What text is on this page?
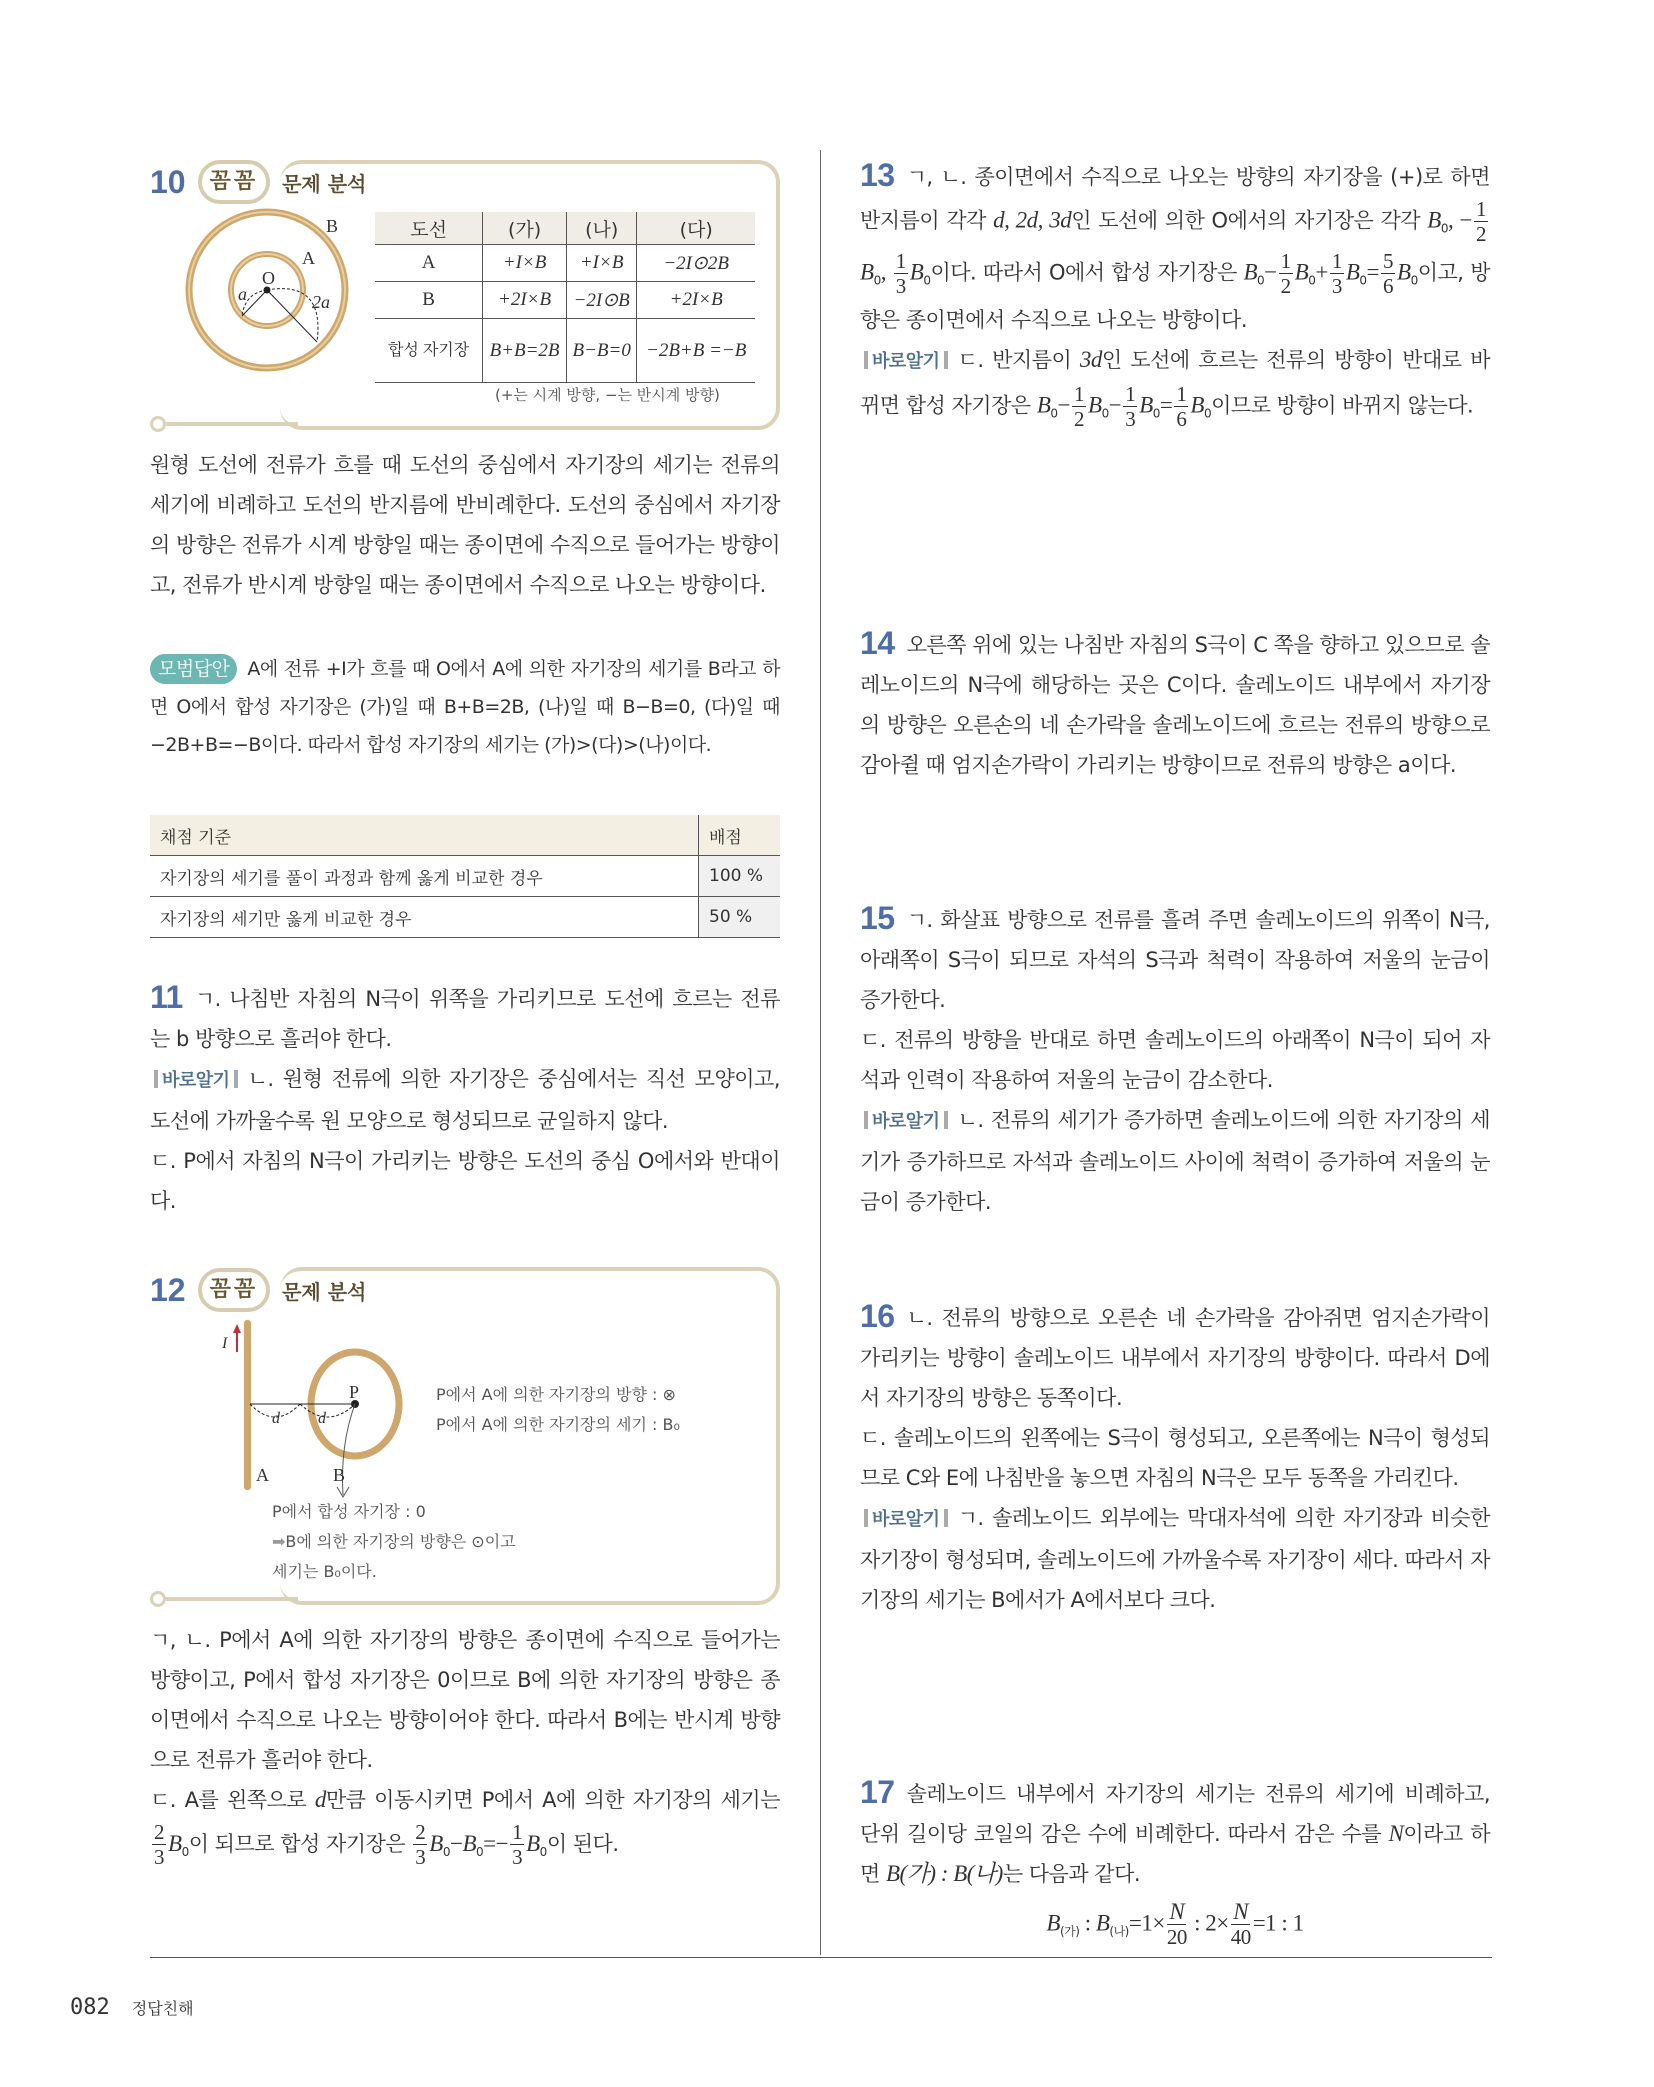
10	꼼꼼	문제 분석
B
A
O
a	2a
도선	(가)	(나)	(다)
A	+I×B	+I×B	−2I⊙2B
B	+2I×B	−2I⊙B	+2I×B
합성 자기장	B+B=2B	B−B=0	−2B+B =−B
(+는 시계 방향, −는 반시계 방향)
원형 도선에 전류가 흐를 때 도선의 중심에서 자기장의 세기는 전류의 세기에 비례하고 도선의 반지름에 반비례한다. 도선의 중심에서 자기장의 방향은 전류가 시계 방향일 때는 종이면에 수직으로 들어가는 방향이고, 전류가 반시계 방향일 때는 종이면에서 수직으로 나오는 방향이다.
모범답안 A에 전류 +I가 흐를 때 O에서 A에 의한 자기장의 세기를 B라고 하면 O에서 합성 자기장은 (가)일 때 B+B=2B, (나)일 때 B−B=0, (다)일 때 −2B+B=−B이다. 따라서 합성 자기장의 세기는 (가)>(다)>(나)이다.
채점 기준	배점
자기장의 세기를 풀이 과정과 함께 옳게 비교한 경우	100 %
자기장의 세기만 옳게 비교한 경우	50 %
11 ㄱ. 나침반 자침의 N극이 위쪽을 가리키므로 도선에 흐르는 전류는 b 방향으로 흘러야 한다.
바로알기 ㄴ. 원형 전류에 의한 자기장은 중심에서는 직선 모양이고, 도선에 가까울수록 원 모양으로 형성되므로 균일하지 않다.
ㄷ. P에서 자침의 N극이 가리키는 방향은 도선의 중심 O에서와 반대이다.
12	꼼꼼	문제 분석
I
P
d d
A	B
P에서 A에 의한 자기장의 방향 : ⊗
P에서 A에 의한 자기장의 세기 : B₀
P에서 합성 자기장 : 0
➡B에 의한 자기장의 방향은 ⊙이고
세기는 B₀이다.
ㄱ, ㄴ. P에서 A에 의한 자기장의 방향은 종이면에 수직으로 들어가는 방향이고, P에서 합성 자기장은 0이므로 B에 의한 자기장의 방향은 종이면에서 수직으로 나오는 방향이어야 한다. 따라서 B에는 반시계 방향으로 전류가 흘러야 한다.
ㄷ. A를 왼쪽으로 d만큼 이동시키면 P에서 A에 의한 자기장의 세기는
$\frac{2}{3} B_0$이 되므로 합성 자기장은 $\frac{2}{3} B_0-B_0=- \frac{1}{3} B_0$이 된다.
13 ㄱ, ㄴ. 종이면에서 수직으로 나오는 방향의 자기장을 (+)로 하면 반지름이 각각 d, 2d, 3d인 도선에 의한 O에서의 자기장은 각각 $B_0$, − $\frac{1}{2}$
$B_0$, $\frac{1}{3} B_0$이다. 따라서 O에서 합성 자기장은 $B_0- \frac{1}{2} B_0+ \frac{1}{3} B_0= \frac{5}{6} B_0$이고, 방향은 종이면에서 수직으로 나오는 방향이다.
바로알기 ㄷ. 반지름이 3d인 도선에 흐르는 전류의 방향이 반대로 바뀌면 합성 자기장은 $B_0- \frac{1}{2} B_0- \frac{1}{3} B_0= \frac{1}{6} B_0$이므로 방향이 바뀌지 않는다.
14 오른쪽 위에 있는 나침반 자침의 S극이 C 쪽을 향하고 있으므로 솔레노이드의 N극에 해당하는 곳은 C이다. 솔레노이드 내부에서 자기장의 방향은 오른손의 네 손가락을 솔레노이드에 흐르는 전류의 방향으로 감아쥘 때 엄지손가락이 가리키는 방향이므로 전류의 방향은 a이다.
15 ㄱ. 화살표 방향으로 전류를 흘려 주면 솔레노이드의 위쪽이 N극, 아래쪽이 S극이 되므로 자석의 S극과 척력이 작용하여 저울의 눈금이 증가한다.
ㄷ. 전류의 방향을 반대로 하면 솔레노이드의 아래쪽이 N극이 되어 자석과 인력이 작용하여 저울의 눈금이 감소한다.
바로알기 ㄴ. 전류의 세기가 증가하면 솔레노이드에 의한 자기장의 세기가 증가하므로 자석과 솔레노이드 사이에 척력이 증가하여 저울의 눈금이 증가한다.
16 ㄴ. 전류의 방향으로 오른손 네 손가락을 감아쥐면 엄지손가락이 가리키는 방향이 솔레노이드 내부에서 자기장의 방향이다. 따라서 D에서 자기장의 방향은 동쪽이다.
ㄷ. 솔레노이드의 왼쪽에는 S극이 형성되고, 오른쪽에는 N극이 형성되므로 C와 E에 나침반을 놓으면 자침의 N극은 모두 동쪽을 가리킨다.
바로알기 ㄱ. 솔레노이드 외부에는 막대자석에 의한 자기장과 비슷한 자기장이 형성되며, 솔레노이드에 가까울수록 자기장이 세다. 따라서 자기장의 세기는 B에서가 A에서보다 크다.
17 솔레노이드 내부에서 자기장의 세기는 전류의 세기에 비례하고, 단위 길이당 코일의 감은 수에 비례한다. 따라서 감은 수를 N이라고 하면 B(가) : B(나)는 다음과 같다.
$B_{(가)}$ : $B_{(나)}=1\times \frac{N}{20}$ : $2\times \frac{N}{40} =1$ : 1
082 정답친해
